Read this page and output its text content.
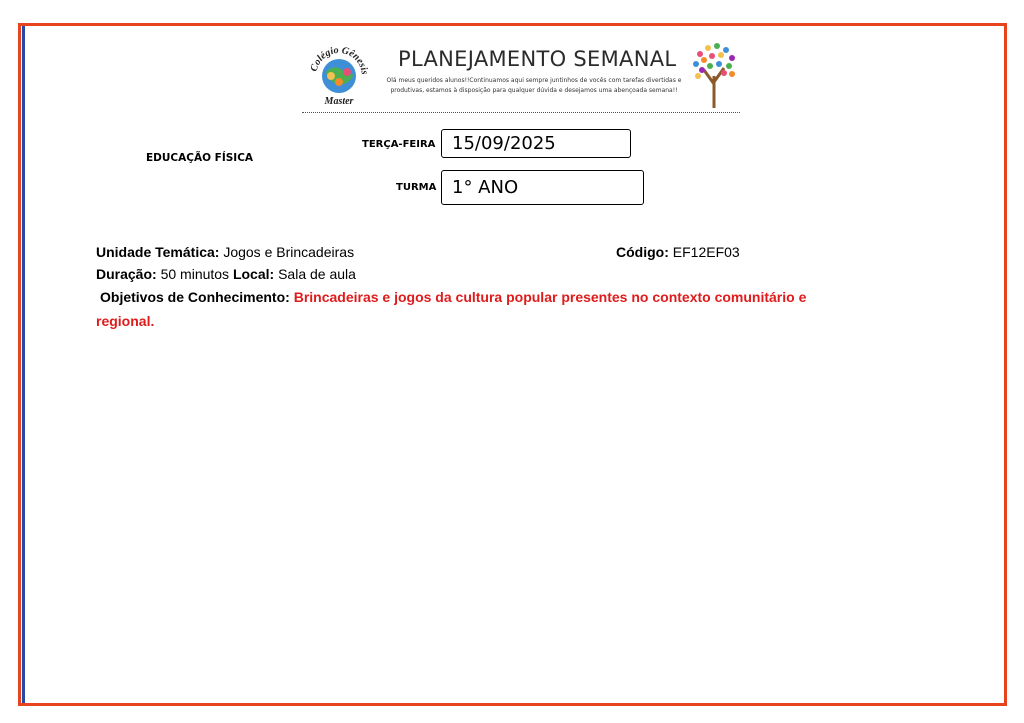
Colégio Gênesis
Master
PLANEJAMENTO SEMANAL
Olá meus queridos alunos!!Continuamos aqui sempre juntinhos de vocês com tarefas divertidas e produtivas, estamos à disposição para qualquer dúvida e desejamos uma abençoada semana!!
EDUCAÇÃO FÍSICA
TERÇA-FEIRA 15/09/2025
TURMA 1° ANO
Unidade Temática: Jogos e Brincadeiras	Código: EF12EF03
Duração: 50 minutos Local: Sala de aula
Objetivos de Conhecimento: Brincadeiras e jogos da cultura popular presentes no contexto comunitário e
regional.
